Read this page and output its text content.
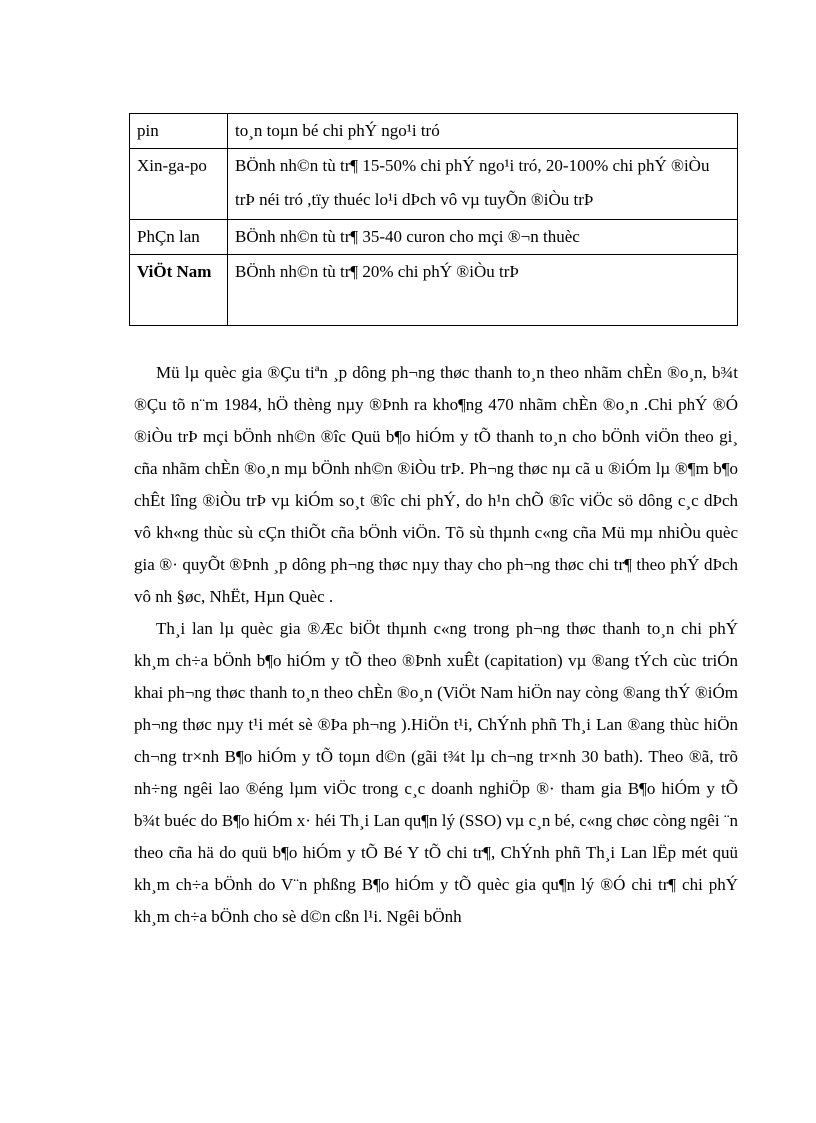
pin	to¸n toµn bé chi phÝ ngo¹i tró
Xin-ga-po	BÖnh nh©n tù tr¶ 15-50% chi phÝ ngo¹i tró, 20-100% chi phÝ ®iÒu trÞ néi tró ,tïy thuéc lo¹i dÞch vô vµ tuyÕn ®iÒu trÞ
PhÇn lan	BÖnh nh©n tù tr¶ 35-40 curon cho mçi ®¬n thuèc
ViÖt Nam	BÖnh nh©n tù tr¶ 20% chi phÝ ®iÒu trÞ

Mü lµ quèc gia ®Çu tiªn ¸p dông ph¬ng thøc thanh to¸n theo nhãm chÈn ®o¸n, b¾t ®Çu tõ n¨m 1984, hÖ thèng nµy ®Þnh ra kho¶ng 470 nhãm chÈn ®o¸n .Chi phÝ ®Ó ®iÒu trÞ mçi bÖnh nh©n ®îc Quü b¶o hiÓm y tÕ thanh to¸n cho bÖnh viÖn theo gi¸ cña nhãm chÈn ®o¸n mµ bÖnh nh©n ®iÒu trÞ. Ph¬ng thøc nµ cã u ®iÓm lµ ®¶m b¶o chÊt lîng ®iÒu trÞ vµ kiÓm so¸t ®îc chi phÝ, do h¹n chÕ ®îc viÖc sö dông c¸c dÞch vô kh«ng thùc sù cÇn thiÕt cña bÖnh viÖn. Tõ sù thµnh c«ng cña Mü mµ nhiÒu quèc gia ®· quyÕt ®Þnh ¸p dông ph¬ng thøc nµy thay cho ph¬ng thøc chi tr¶ theo phÝ dÞch vô nh §øc, NhËt, Hµn Quèc .

Th¸i lan lµ quèc gia ®Æc biÖt thµnh c«ng trong ph¬ng thøc thanh to¸n chi phÝ kh¸m ch÷a bÖnh b¶o hiÓm y tÕ theo ®Þnh xuÊt (capitation) vµ ®ang tÝch cùc triÓn khai ph¬ng thøc thanh to¸n theo chÈn ®o¸n (ViÖt Nam hiÖn nay còng ®ang thÝ ®iÓm ph¬ng thøc nµy t¹i mét sè ®Þa ph¬ng ).HiÖn t¹i, ChÝnh phñ Th¸i Lan ®ang thùc hiÖn ch¬ng tr×nh B¶o hiÓm y tÕ toµn d©n (gãi t¾t lµ ch¬ng tr×nh 30 bath). Theo ®ã, trõ nh÷ng ngêi lao ®éng lµm viÖc trong c¸c doanh nghiÖp ®· tham gia B¶o hiÓm y tÕ b¾t buéc do B¶o hiÓm x· héi Th¸i Lan qu¶n lý (SSO) vµ c¸n bé, c«ng chøc còng ngêi ¨n theo cña hä do quü b¶o hiÓm y tÕ Bé Y tÕ chi tr¶, ChÝnh phñ Th¸i Lan lËp mét quü kh¸m ch÷a bÖnh do V¨n phßng B¶o hiÓm y tÕ quèc gia qu¶n lý ®Ó chi tr¶ chi phÝ kh¸m ch÷a bÖnh cho sè d©n cßn l¹i. Ngêi bÖnh
